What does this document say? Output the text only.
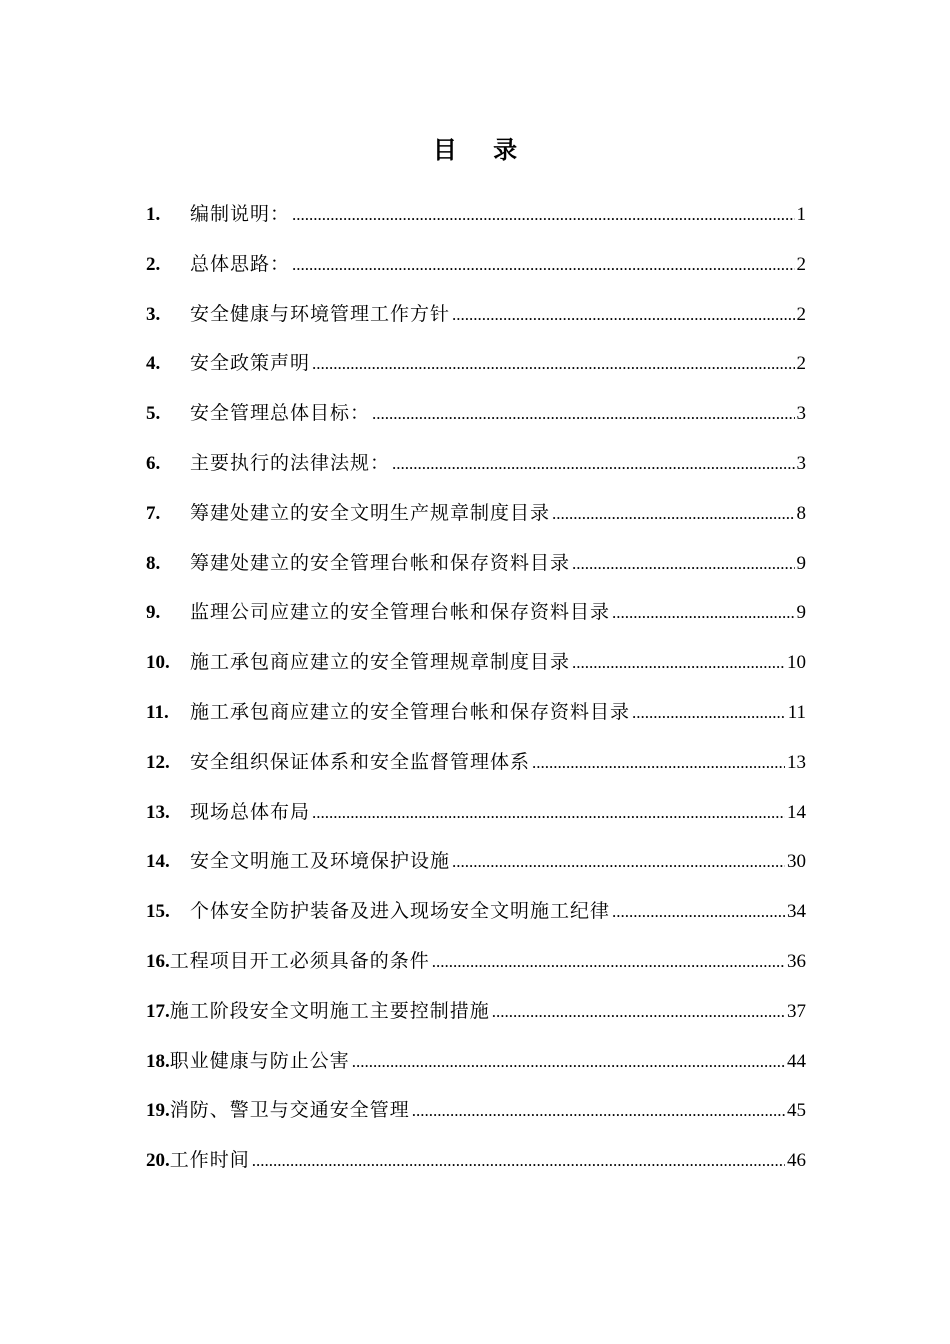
目 录
1.	编制说明： .....	1
2.	总体思路： .....	2
3.	安全健康与环境管理工作方针 .....	2
4.	安全政策声明 .....	2
5.	安全管理总体目标： .....	3
6.	主要执行的法律法规： .....	3
7.	筹建处建立的安全文明生产规章制度目录 .....	8
8.	筹建处建立的安全管理台帐和保存资料目录 .....	9
9.	监理公司应建立的安全管理台帐和保存资料目录 .....	9
10.	施工承包商应建立的安全管理规章制度目录 .....	10
11.	施工承包商应建立的安全管理台帐和保存资料目录 .....	11
12.	安全组织保证体系和安全监督管理体系 .....	13
13.	现场总体布局 .....	14
14.	安全文明施工及环境保护设施 .....	30
15.	个体安全防护装备及进入现场安全文明施工纪律 .....	34
16. 工程项目开工必须具备的条件 .....	36
17. 施工阶段安全文明施工主要控制措施 .....	37
18. 职业健康与防止公害 .....	44
19. 消防、警卫与交通安全管理 .....	45
20. 工作时间 .....	46
